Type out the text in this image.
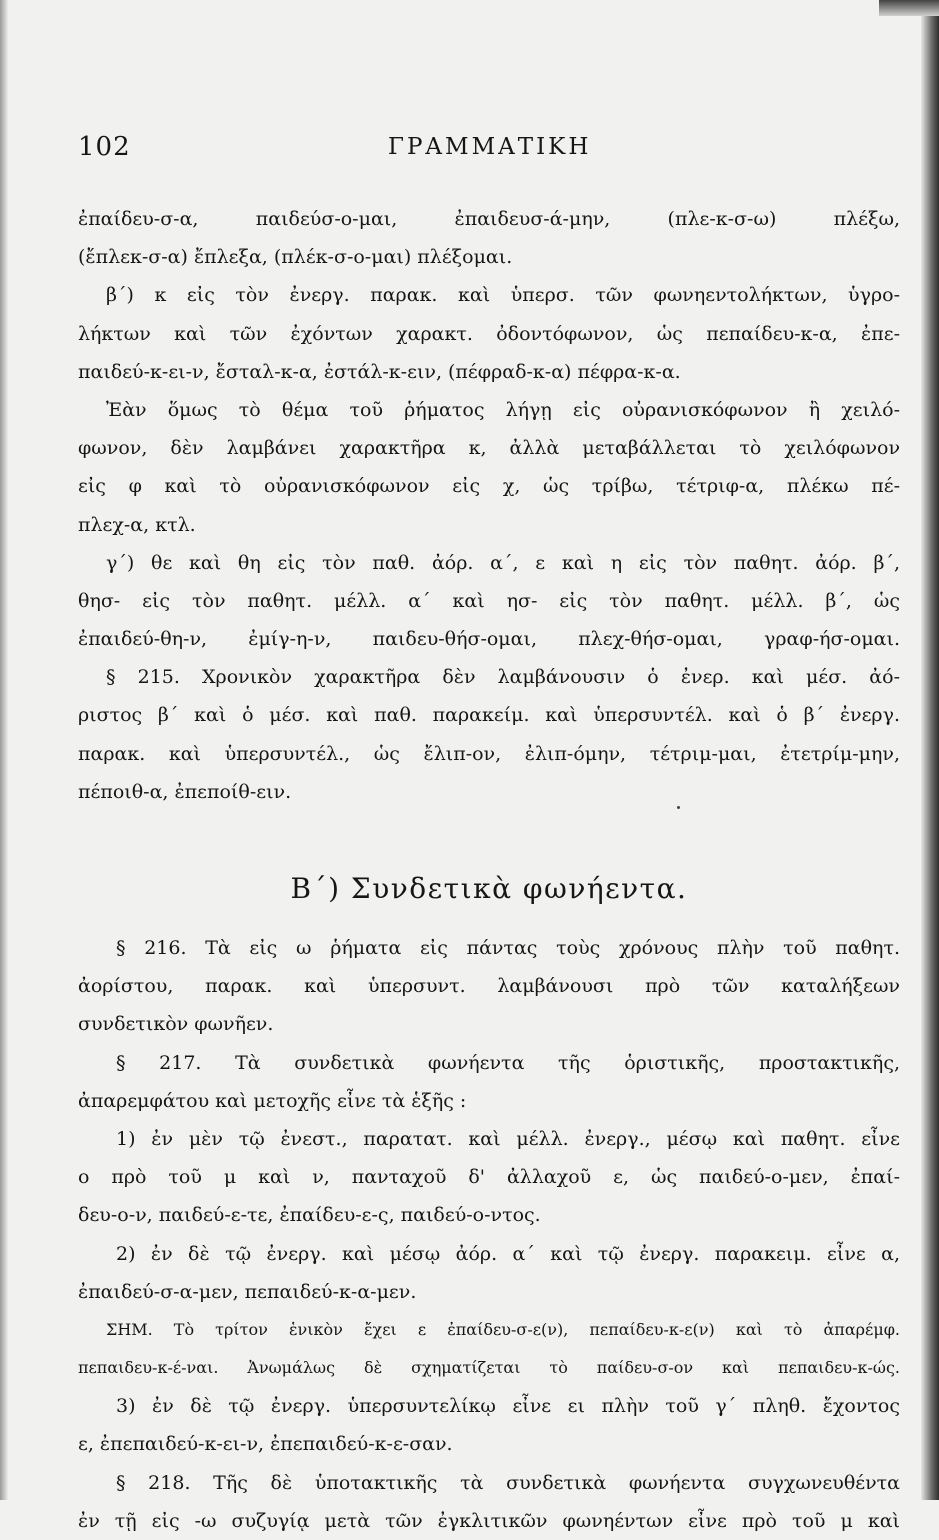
102	ΓΡΑΜΜΑΤΙΚΗ
ἐπαίδευ-σ-α, παιδεύσ-ο-μαι, ἐπαιδευσ-ά-μην, (πλε-κ-σ-ω) πλέξω,
(ἔπλεκ-σ-α) ἔπλεξα, (πλέκ-σ-ο-μαι) πλέξομαι.
β΄) κ εἰς τὸν ἐνεργ. παρακ. καὶ ὑπερσ. τῶν φωνηεντολήκτων, ὑγρο-
λήκτων καὶ τῶν ἐχόντων χαρακτ. ὀδοντόφωνον, ὡς πεπαίδευ-κ-α, ἐπε-
παιδεύ-κ-ει-ν, ἔσταλ-κ-α, ἐστάλ-κ-ειν, (πέφραδ-κ-α) πέφρα-κ-α.
Ἐὰν ὅμως τὸ θέμα τοῦ ῥήματος λήγῃ εἰς οὐρανισκόφωνον ἢ χειλό-
φωνον, δὲν λαμβάνει χαρακτῆρα κ, ἀλλὰ μεταβάλλεται τὸ χειλόφωνον
εἰς φ καὶ τὸ οὐρανισκόφωνον εἰς χ, ὡς τρίβω, τέτριφ-α, πλέκω πέ-
πλεχ-α, κτλ.
γ΄) θε καὶ θη εἰς τὸν παθ. ἀόρ. α΄, ε καὶ η εἰς τὸν παθητ. ἀόρ. β΄,
θησ- εἰς τὸν παθητ. μέλλ. α΄ καὶ ησ- εἰς τὸν παθητ. μέλλ. β΄, ὡς
ἐπαιδεύ-θη-ν, ἐμίγ-η-ν, παιδευ-θήσ-ομαι, πλεχ-θήσ-ομαι, γραφ-ήσ-ομαι.
§ 215. Χρονικὸν χαρακτῆρα δὲν λαμβάνουσιν ὁ ἐνερ. καὶ μέσ. ἀό-
ριστος β΄ καὶ ὁ μέσ. καὶ παθ. παρακείμ. καὶ ὑπερσυντέλ. καὶ ὁ β΄ ἐνεργ.
παρακ. καὶ ὑπερσυντέλ., ὡς ἔλιπ-ον, ἐλιπ-όμην, τέτριμ-μαι, ἐτετρίμ-μην,
πέποιθ-α, ἐπεποίθ-ειν.
Β΄) Συνδετικὰ φωνήεντα.
§ 216. Τὰ εἰς ω ῥήματα εἰς πάντας τοὺς χρόνους πλὴν τοῦ παθητ.
ἀορίστου, παρακ. καὶ ὑπερσυντ. λαμβάνουσι πρὸ τῶν καταλήξεων
συνδετικὸν φωνῆεν.
§ 217. Τὰ συνδετικὰ φωνήεντα τῆς ὁριστικῆς, προστακτικῆς,
ἀπαρεμφάτου καὶ μετοχῆς εἶνε τὰ ἑξῆς :
1) ἐν μὲν τῷ ἐνεστ., παρατατ. καὶ μέλλ. ἐνεργ., μέσῳ καὶ παθητ. εἶνε
ο πρὸ τοῦ μ καὶ ν, πανταχοῦ δ' ἀλλαχοῦ ε, ὡς παιδεύ-ο-μεν, ἐπαί-
δευ-ο-ν, παιδεύ-ε-τε, ἐπαίδευ-ε-ς, παιδεύ-ο-ντος.
2) ἐν δὲ τῷ ἐνεργ. καὶ μέσῳ ἀόρ. α΄ καὶ τῷ ἐνεργ. παρακειμ. εἶνε α,
ἐπαιδεύ-σ-α-μεν, πεπαιδεύ-κ-α-μεν.
ΣΗΜ. Τὸ τρίτον ἑνικὸν ἔχει ε ἐπαίδευ-σ-ε(ν), πεπαίδευ-κ-ε(ν) καὶ τὸ ἀπαρέμφ.
πεπαιδευ-κ-έ-ναι. Ἀνωμάλως δὲ σχηματίζεται τὸ παίδευ-σ-ον καὶ πεπαιδευ-κ-ώς.
3) ἐν δὲ τῷ ἐνεργ. ὑπερσυντελίκῳ εἶνε ει πλὴν τοῦ γ΄ πληθ. ἔχοντος
ε, ἐπεπαιδεύ-κ-ει-ν, ἐπεπαιδεύ-κ-ε-σαν.
§ 218. Τῆς δὲ ὑποτακτικῆς τὰ συνδετικὰ φωνήεντα συγχωνευθέντα
ἐν τῇ εἰς -ω συζυγίᾳ μετὰ τῶν ἐγκλιτικῶν φωνηέντων εἶνε πρὸ τοῦ μ καὶ
